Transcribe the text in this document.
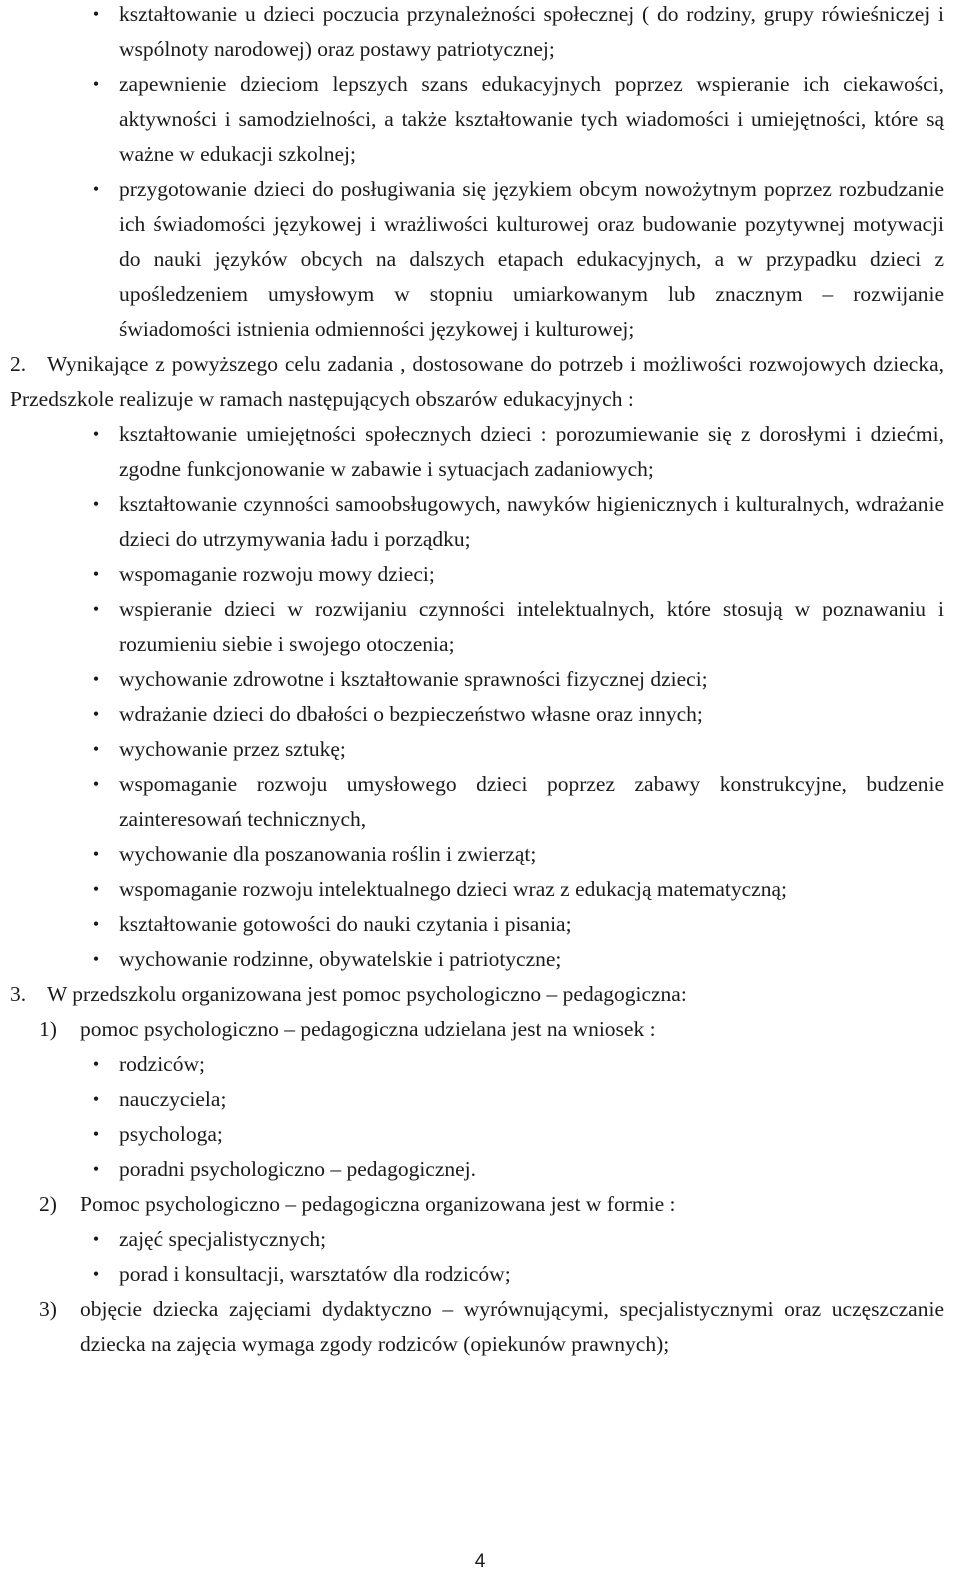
• kształtowanie u dzieci poczucia przynależności społecznej ( do rodziny, grupy rówieśniczej i wspólnoty narodowej) oraz postawy patriotycznej;
• zapewnienie dzieciom lepszych szans edukacyjnych poprzez wspieranie ich ciekawości, aktywności i samodzielności, a także kształtowanie tych wiadomości i umiejętności, które są ważne w edukacji szkolnej;
• przygotowanie dzieci do posługiwania się językiem obcym nowożytnym poprzez rozbudzanie ich świadomości językowej i wrażliwości kulturowej oraz budowanie pozytywnej motywacji do nauki języków obcych na dalszych etapach edukacyjnych, a w przypadku dzieci z upośledzeniem umysłowym w stopniu umiarkowanym lub znacznym – rozwijanie świadomości istnienia odmienności językowej i kulturowej;
2. Wynikające z powyższego celu zadania , dostosowane do potrzeb i możliwości rozwojowych dziecka, Przedszkole realizuje w ramach następujących obszarów edukacyjnych :
• kształtowanie umiejętności społecznych dzieci : porozumiewanie się z dorosłymi i dziećmi, zgodne funkcjonowanie w zabawie i sytuacjach zadaniowych;
• kształtowanie czynności samoobsługowych, nawyków higienicznych i kulturalnych, wdrażanie dzieci do utrzymywania ładu i porządku;
• wspomaganie rozwoju mowy dzieci;
• wspieranie dzieci w rozwijaniu czynności intelektualnych, które stosują w poznawaniu i rozumieniu siebie i swojego otoczenia;
• wychowanie zdrowotne i kształtowanie sprawności fizycznej dzieci;
• wdrażanie dzieci do dbałości o bezpieczeństwo własne oraz innych;
• wychowanie przez sztukę;
• wspomaganie rozwoju umysłowego dzieci poprzez zabawy konstrukcyjne, budzenie zainteresowań technicznych,
• wychowanie dla poszanowania roślin i zwierząt;
• wspomaganie rozwoju intelektualnego dzieci wraz z edukacją matematyczną;
• kształtowanie gotowości do nauki czytania i pisania;
• wychowanie rodzinne, obywatelskie i patriotyczne;
3. W przedszkolu organizowana jest pomoc psychologiczno – pedagogiczna:
1) pomoc psychologiczno – pedagogiczna udzielana jest na wniosek :
• rodziców;
• nauczyciela;
• psychologa;
• poradni psychologiczno – pedagogicznej.
2) Pomoc psychologiczno – pedagogiczna organizowana jest w formie :
• zajęć specjalistycznych;
• porad i konsultacji, warsztatów dla rodziców;
3) objęcie dziecka zajęciami dydaktyczno – wyrównującymi, specjalistycznymi oraz uczęszczanie dziecka na zajęcia wymaga zgody rodziców (opiekunów prawnych);
4
